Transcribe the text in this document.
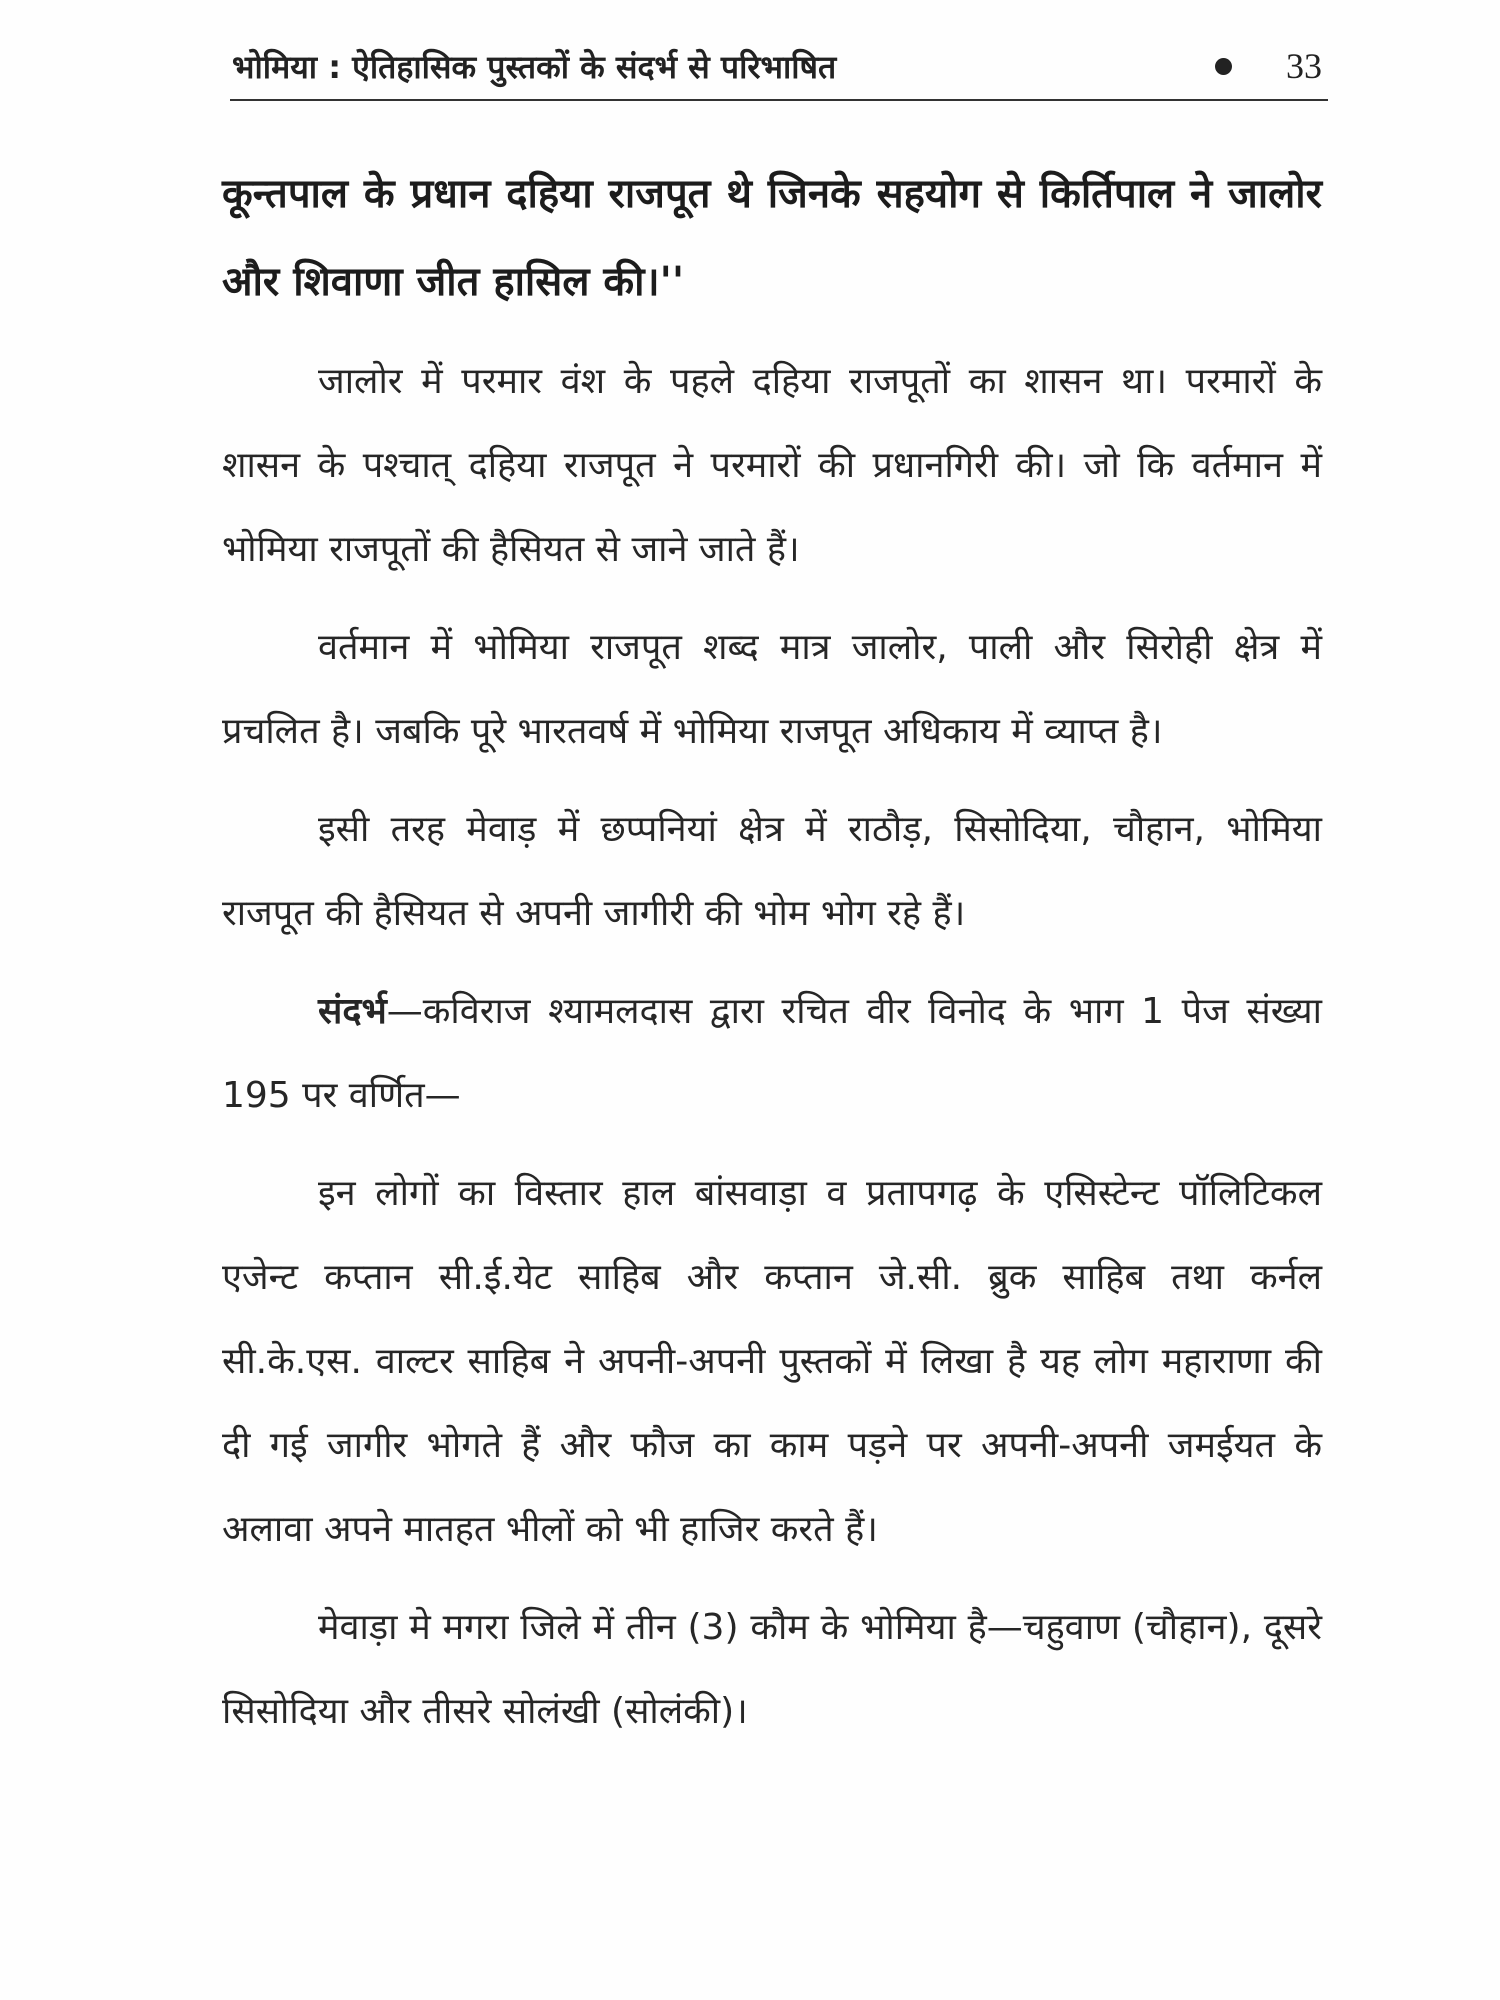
भोमिया : ऐतिहासिक पुस्तकों के संदर्भ से परिभाषित	33

कून्तपाल के प्रधान दहिया राजपूत थे जिनके सहयोग से किर्तिपाल ने जालोर और शिवाणा जीत हासिल की।''

जालोर में परमार वंश के पहले दहिया राजपूतों का शासन था। परमारों के शासन के पश्चात् दहिया राजपूत ने परमारों की प्रधानगिरी की। जो कि वर्तमान में भोमिया राजपूतों की हैसियत से जाने जाते हैं।

वर्तमान में भोमिया राजपूत शब्द मात्र जालोर, पाली और सिरोही क्षेत्र में प्रचलित है। जबकि पूरे भारतवर्ष में भोमिया राजपूत अधिकाय में व्याप्त है।

इसी तरह मेवाड़ में छप्पनियां क्षेत्र में राठौड़, सिसोदिया, चौहान, भोमिया राजपूत की हैसियत से अपनी जागीरी की भोम भोग रहे हैं।

संदर्भ—कविराज श्यामलदास द्वारा रचित वीर विनोद के भाग 1 पेज संख्या 195 पर वर्णित—

इन लोगों का विस्तार हाल बांसवाड़ा व प्रतापगढ़ के एसिस्टेन्ट पॉलिटिकल एजेन्ट कप्तान सी.ई.येट साहिब और कप्तान जे.सी. ब्रुक साहिब तथा कर्नल सी.के.एस. वाल्टर साहिब ने अपनी-अपनी पुस्तकों में लिखा है यह लोग महाराणा की दी गई जागीर भोगते हैं और फौज का काम पड़ने पर अपनी-अपनी जमईयत के अलावा अपने मातहत भीलों को भी हाजिर करते हैं।

मेवाड़ा मे मगरा जिले में तीन (3) कौम के भोमिया है—चहुवाण (चौहान), दूसरे सिसोदिया और तीसरे सोलंखी (सोलंकी)।
